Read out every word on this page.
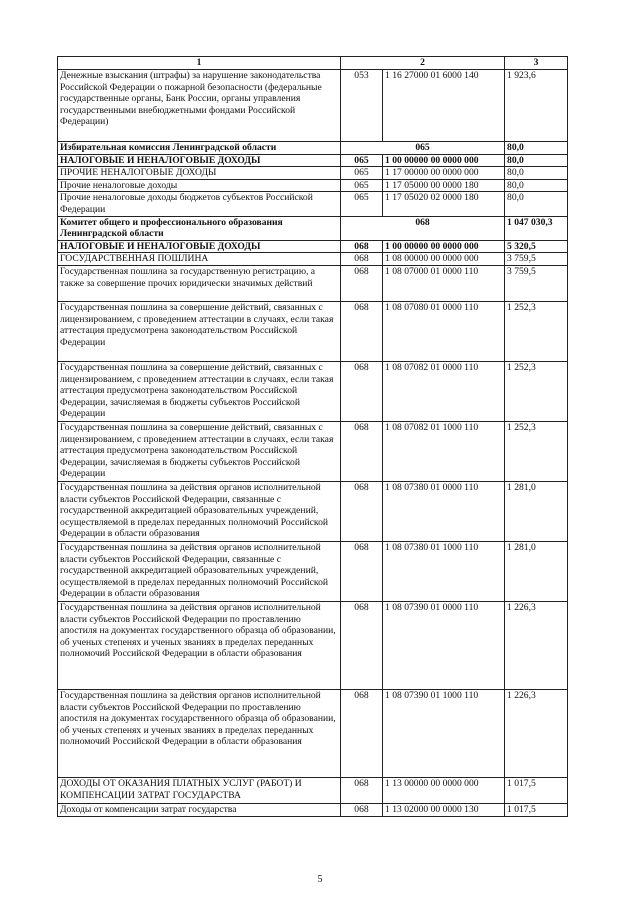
1	2		3
Денежные взыскания (штрафы) за нарушение законодательства Российской Федерации о пожарной безопасности (федеральные государственные органы, Банк России, органы управления государственными внебюджетными фондами Российской Федерации)	053	1 16 27000 01 6000 140	1 923,6
Избирательная комиссия Ленинградской области	065		80,0
НАЛОГОВЫЕ И НЕНАЛОГОВЫЕ ДОХОДЫ	065	1 00 00000 00 0000 000	80,0
ПРОЧИЕ НЕНАЛОГОВЫЕ ДОХОДЫ	065	1 17 00000 00 0000 000	80,0
Прочие неналоговые доходы	065	1 17 05000 00 0000 180	80,0
Прочие неналоговые доходы бюджетов субъектов Российской Федерации	065	1 17 05020 02 0000 180	80,0
Комитет общего и профессионального образования Ленинградской области	068		1 047 030,3
НАЛОГОВЫЕ И НЕНАЛОГОВЫЕ ДОХОДЫ	068	1 00 00000 00 0000 000	5 320,5
ГОСУДАРСТВЕННАЯ ПОШЛИНА	068	1 08 00000 00 0000 000	3 759,5
Государственная пошлина за государственную регистрацию, а также за совершение прочих юридически значимых действий	068	1 08 07000 01 0000 110	3 759,5
Государственная пошлина за совершение действий, связанных с лицензированием, с проведением аттестации в случаях, если такая аттестация предусмотрена законодательством Российской Федерации	068	1 08 07080 01 0000 110	1 252,3
Государственная пошлина за совершение действий, связанных с лицензированием, с проведением аттестации в случаях, если такая аттестация предусмотрена законодательством Российской Федерации, зачисляемая в бюджеты субъектов Российской Федерации	068	1 08 07082 01 0000 110	1 252,3
Государственная пошлина за совершение действий, связанных с лицензированием, с проведением аттестации в случаях, если такая аттестация предусмотрена законодательством Российской Федерации, зачисляемая в бюджеты субъектов Российской Федерации	068	1 08 07082 01 1000 110	1 252,3
Государственная пошлина за действия органов исполнительной власти субъектов Российской Федерации, связанные с государственной аккредитацией образовательных учреждений, осуществляемой в пределах переданных полномочий Российской Федерации в области образования	068	1 08 07380 01 0000 110	1 281,0
Государственная пошлина за действия органов исполнительной власти субъектов Российской Федерации, связанные с государственной аккредитацией образовательных учреждений, осуществляемой в пределах переданных полномочий Российской Федерации в области образования	068	1 08 07380 01 1000 110	1 281,0
Государственная пошлина за действия органов исполнительной власти субъектов Российской Федерации по проставлению апостиля на документах государственного образца об образовании, об ученых степенях и ученых званиях в пределах переданных полномочий Российской Федерации в области образования	068	1 08 07390 01 0000 110	1 226,3
Государственная пошлина за действия органов исполнительной власти субъектов Российской Федерации по проставлению апостиля на документах государственного образца об образовании, об ученых степенях и ученых званиях в пределах переданных полномочий Российской Федерации в области образования	068	1 08 07390 01 1000 110	1 226,3
ДОХОДЫ ОТ ОКАЗАНИЯ ПЛАТНЫХ УСЛУГ (РАБОТ) И КОМПЕНСАЦИИ ЗАТРАТ ГОСУДАРСТВА	068	1 13 00000 00 0000 000	1 017,5
Доходы от компенсации затрат государства	068	1 13 02000 00 0000 130	1 017,5
5
